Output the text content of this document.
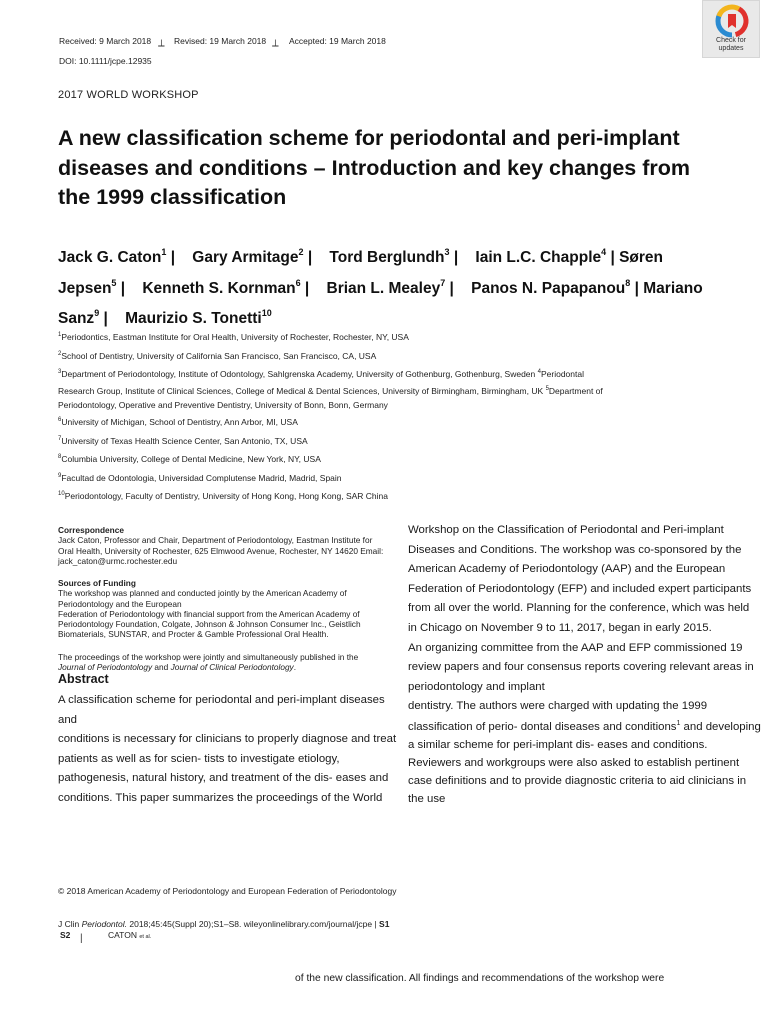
Received: 9 March 2018 ⟂ Revised: 19 March 2018 ⟂ Accepted: 19 March 2018
DOI: 10.1111/jcpe.12935
Check for
updates
2017 WORLD WORKSHOP
A new classification scheme for periodontal and peri-implant
diseases and conditions – Introduction and key changes from
the 1999 classification
Jack G. Caton$^1$ |    Gary Armitage$^2$ |    Tord Berglundh$^3$ |    Iain L.C. Chapple$^4$ | Søren
Jepsen$^5$ |    Kenneth S. Kornman$^6$ |    Brian L. Mealey$^7$ |    Panos N. Papapanou$^8$ | Mariano
Sanz$^9$ |    Maurizio S. Tonetti$^{10}$
$^1$Periodontics, Eastman Institute for Oral Health, University of Rochester, Rochester, NY, USA
$^2$School of Dentistry, University of California San Francisco, San Francisco, CA, USA
$^3$Department of Periodontology, Institute of Odontology, Sahlgrenska Academy, University of Gothenburg, Gothenburg, Sweden $^4$Periodontal
Research Group, Institute of Clinical Sciences, College of Medical & Dental Sciences, University of Birmingham, Birmingham, UK $^5$Department of
Periodontology, Operative and Preventive Dentistry, University of Bonn, Bonn, Germany
$^6$University of Michigan, School of Dentistry, Ann Arbor, MI, USA
$^7$University of Texas Health Science Center, San Antonio, TX, USA
$^8$Columbia University, College of Dental Medicine, New York, NY, USA
$^9$Facultad de Odontologia, Universidad Complutense Madrid, Madrid, Spain
$^{10}$Periodontology, Faculty of Dentistry, University of Hong Kong, Hong Kong, SAR China
Correspondence
Jack Caton, Professor and Chair, Department of Periodontology, Eastman Institute for
Oral Health, University of Rochester, 625 Elmwood Avenue, Rochester, NY 14620 Email:
jack_caton@urmc.rochester.edu
Sources of Funding
The workshop was planned and conducted jointly by the American Academy of
Periodontology and the European
Federation of Periodontology with financial support from the American Academy of
Periodontology Foundation, Colgate, Johnson & Johnson Consumer Inc., Geistlich
Biomaterials, SUNSTAR, and Procter & Gamble Professional Oral Health.
The proceedings of the workshop were jointly and simultaneously published in the
Journal of Periodontology and Journal of Clinical Periodontology.
Abstract
A classification scheme for periodontal and peri-implant diseases and
conditions is necessary for clinicians to properly diagnose and treat
patients as well as for scien- tists to investigate etiology,
pathogenesis, natural history, and treatment of the dis- eases and
conditions. This paper summarizes the proceedings of the World
Workshop on the Classification of Periodontal and Peri-implant
Diseases and Conditions. The workshop was co-sponsored by the
American Academy of Periodontology (AAP) and the European
Federation of Periodontology (EFP) and included expert participants
from all over the world. Planning for the conference, which was held
in Chicago on November 9 to 11, 2017, began in early 2015.
An organizing committee from the AAP and EFP commissioned 19
review papers and four consensus reports covering relevant areas in
periodontology and implant
dentistry. The authors were charged with updating the 1999
classification of perio- dontal diseases and conditions$^1$ and developing
a similar scheme for peri-implant dis- eases and conditions.
Reviewers and workgroups were also asked to establish pertinent
case definitions and to provide diagnostic criteria to aid clinicians in
the use
© 2018 American Academy of Periodontology and European Federation of Periodontology
J Clin Periodontol. 2018;45:45(Suppl 20);S1–S8. wileyonlinelibrary.com/journal/jcpe | S1
S2 |	CATON et al.
of the new classification. All findings and recommendations of the workshop were
